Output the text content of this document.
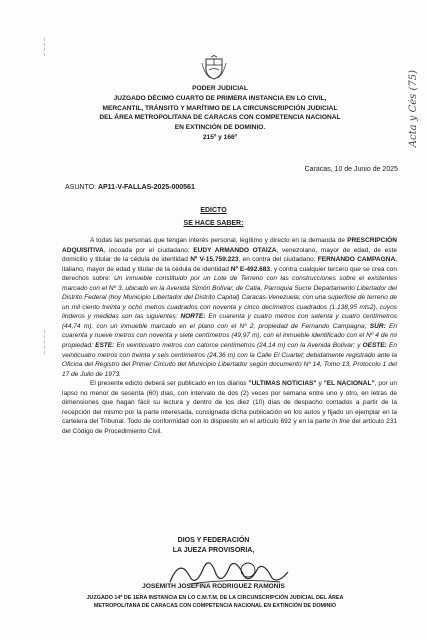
Acta y Cés (75)
PODER JUDICIAL
JUZGADO DÉCIMO CUARTO DE PRIMERA INSTANCIA EN LO CIVIL,
MERCANTIL, TRÁNSITO Y MARÍTIMO DE LA CIRCUNSCRIPCIÓN JUDICIAL
DEL ÁREA METROPOLITANA DE CARACAS CON COMPETENCIA NACIONAL
EN EXTINCIÓN DE DOMINIO.
215º y 166º
Caracas, 10 de Junio de 2025
ASUNTO: AP11-V-FALLAS-2025-000561
EDICTO
SE HACE SABER:

A todas las personas que tengan interés personal, legítimo y directo en la demanda de PRESCRIPCIÓN ADQUISITIVA, incoada por el ciudadano: EUDY ARMANDO OTAIZA, venezolano, mayor de edad, de este domicilio y titular de la cédula de identidad Nº V-15.759.223, en contra del ciudadano: FERNANDO CAMPAGNA, italiano, mayor de edad y titular de la cédula de identidad Nº E-492.683, y contra cualquier tercero que se crea con derechos sobre: Un inmueble constituido por un Lote de Terreno con las construcciones sobre el existentes marcado con el Nº 3, ubicado en la Avenida Simón Bolívar, de Catia, Parroquia Sucre Departamento Libertador del Distrito Federal (hoy Municipio Libertador del Distrito Capital) Caracas-Venezuela; con una superficie de terreno de un mil ciento treinta y ocho metros cuadrados con noventa y cinco decímetros cuadrados (1.138,95 mts2), cuyos linderos y medidas son las siguientes: NORTE: En cuarenta y cuatro metros con setenta y cuatro centímetros (44,74 m), con un inmueble marcado en el plano con el Nº 2, propiedad de Fernando Campagna; SUR: En cuarenta y nueve metros con noventa y siete centímetros (49,97 m), con el inmueble identificado con el Nº 4 de mi propiedad; ESTE: En veinticuatro metros con catorce centímetros (24,14 m) con la Avenida Bolívar; y OESTE: En veinticuatro metros con treinta y seis centímetros (24,36 m) con la Calle El Cuartel; debidamente registrado ante la Oficina del Registro del Primer Circuito del Municipio Libertador según documento Nº 14, Tomo 13, Protocolo 1 del 17 de Julio de 1973.

El presente edicto deberá ser publicado en los diarios "ULTIMAS NOTICIAS" y "EL NACIONAL", por un lapso no menor de sesenta (60) días, con intervalo de dos (2) veces por semana entre uno y otro, en letras de dimensiones que hagan fácil su lectura y dentro de los diez (10) días de despacho contados a partir de la recepción del mismo por la parte interesada, consignada dicha publicación en los autos y fijado un ejemplar en la cartelera del Tribunal. Todo de conformidad con lo dispuesto en el artículo 692 y en la parte in fine del artículo 231 del Código de Procedimiento Civil.

DIOS Y FEDERACIÓN
LA JUEZA PROVISORIA,
JOSEMITH JOSEFINA RODRIGUEZ RAMONIS
JUZGADO 14º DE 1ERA INSTANCIA EN LO C.M.T.M. DE LA CIRCUNSCRIPCIÓN JUDICIAL DEL ÁREA
METROPOLITANA DE CARACAS CON COMPETENCIA NACIONAL EN EXTINCIÓN DE DOMINIO
